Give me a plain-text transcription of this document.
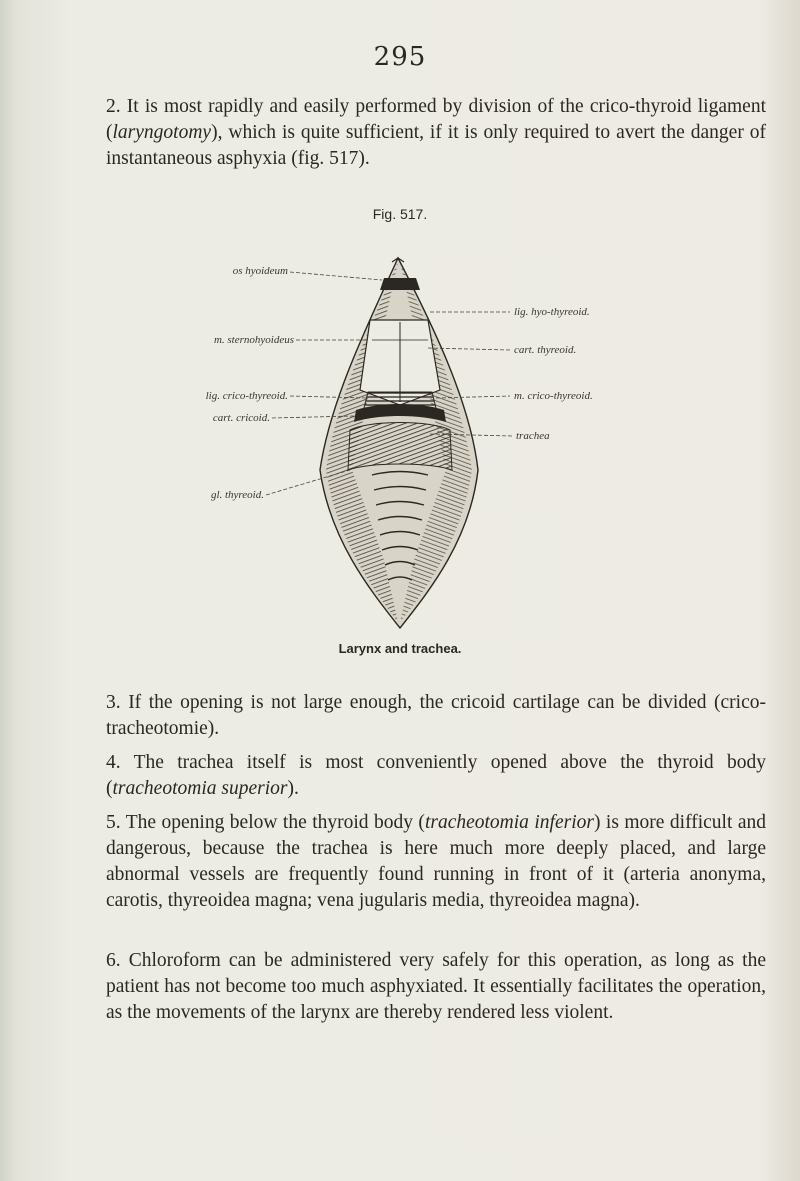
295
2. It is most rapidly and easily performed by division of the crico-thyroid ligament (laryngotomy), which is quite sufficient, if it is only required to avert the danger of instantaneous asphyxia (fig. 517).
Fig. 517.
os hyoideum
m. sternohyoideus
lig. crico-thyreoid.
cart. cricoid.
gl. thyreoid.
lig. hyo-thyreoid.
cart. thyreoid.
m. crico-thyreoid.
trachea
Larynx and trachea.
3. If the opening is not large enough, the cricoid cartilage can be divided (crico-tracheotomie).
4. The trachea itself is most conveniently opened above the thyroid body (tracheotomia superior).
5. The opening below the thyroid body (tracheotomia inferior) is more difficult and dangerous, because the trachea is here much more deeply placed, and large abnormal vessels are frequently found running in front of it (arteria anonyma, carotis, thyreoidea magna; vena jugularis media, thyreoidea magna).
6. Chloroform can be administered very safely for this operation, as long as the patient has not become too much asphyxiated. It essentially facilitates the operation, as the movements of the larynx are thereby rendered less violent.
